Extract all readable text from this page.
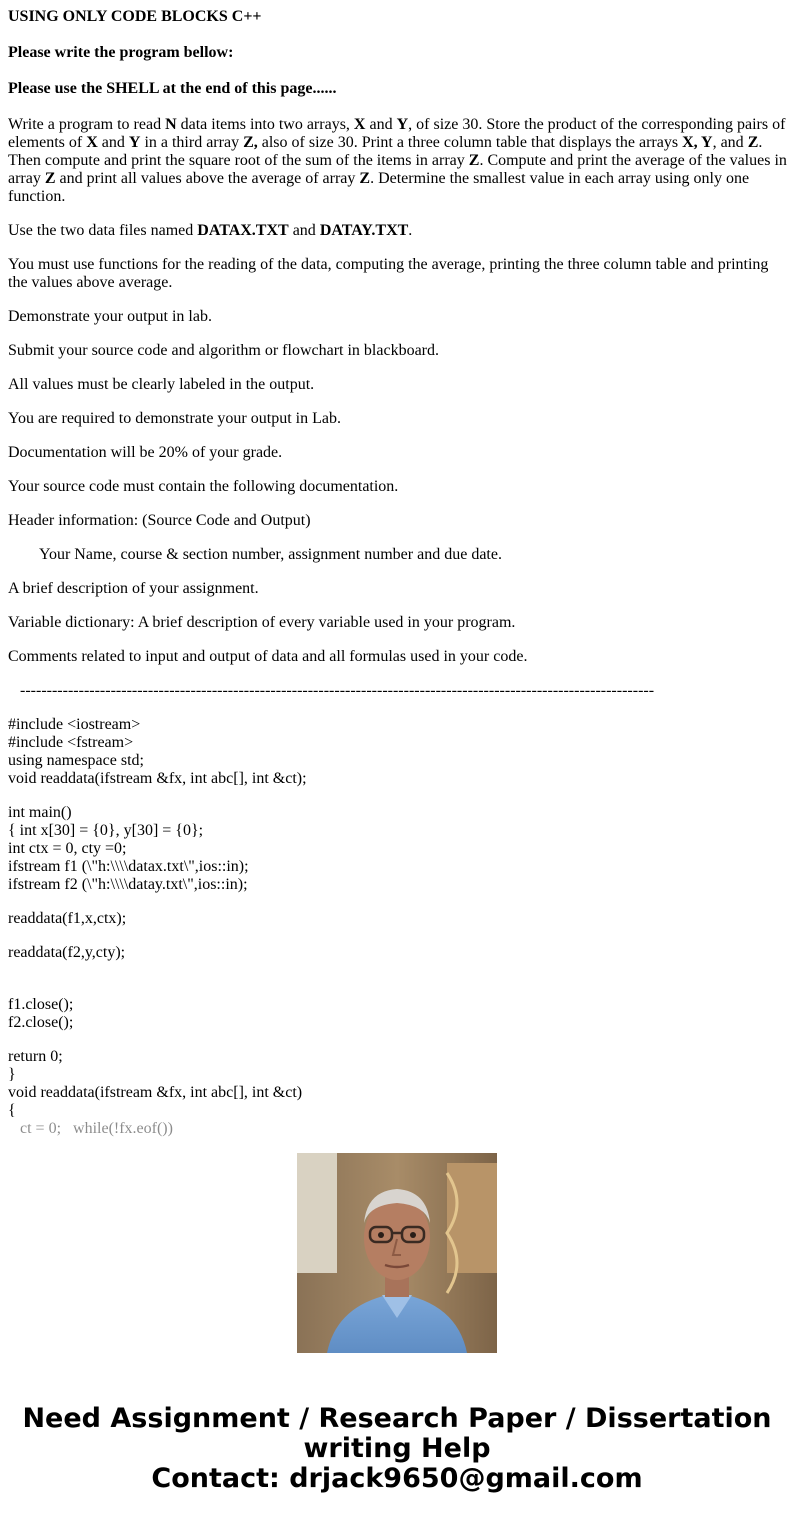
USING ONLY CODE BLOCKS C++

Please write the program bellow:

Please use the SHELL at the end of this page......

Write a program to read N data items into two arrays, X and Y, of size 30. Store the product of the corresponding pairs of elements of X and Y in a third array Z, also of size 30. Print a three column table that displays the arrays X, Y, and Z. Then compute and print the square root of the sum of the items in array Z. Compute and print the average of the values in array Z and print all values above the average of array Z. Determine the smallest value in each array using only one function.

Use the two data files named DATAX.TXT and DATAY.TXT.

You must use functions for the reading of the data, computing the average, printing the three column table and printing the values above average.

Demonstrate your output in lab.

Submit your source code and algorithm or flowchart in blackboard.

All values must be clearly labeled in the output.

You are required to demonstrate your output in Lab.

Documentation will be 20% of your grade.

Your source code must contain the following documentation.

Header information: (Source Code and Output)

Your Name, course & section number, assignment number and due date.

A brief description of your assignment.

Variable dictionary: A brief description of every variable used in your program.

Comments related to input and output of data and all formulas used in your code.

-----------------------------------------------------------------------------------------------------------------------

#include <iostream>

#include <fstream>

using namespace std;

void readdata(ifstream &fx, int abc[], int &ct);

int main()

{ int x[30] = {0}, y[30] = {0};

int ctx = 0, cty =0;

ifstream f1 (\"h:\\\\datax.txt\",ios::in);

ifstream f2 (\"h:\\\\datay.txt\",ios::in);

readdata(f1,x,ctx);

readdata(f2,y,cty);

f1.close();

f2.close();

return 0;

}

void readdata(ifstream &fx, int abc[], int &ct)

{

ct = 0;   while(!fx.eof())

Need Assignment / Research Paper / Dissertation
writing Help
Contact: drjack9650@gmail.com
